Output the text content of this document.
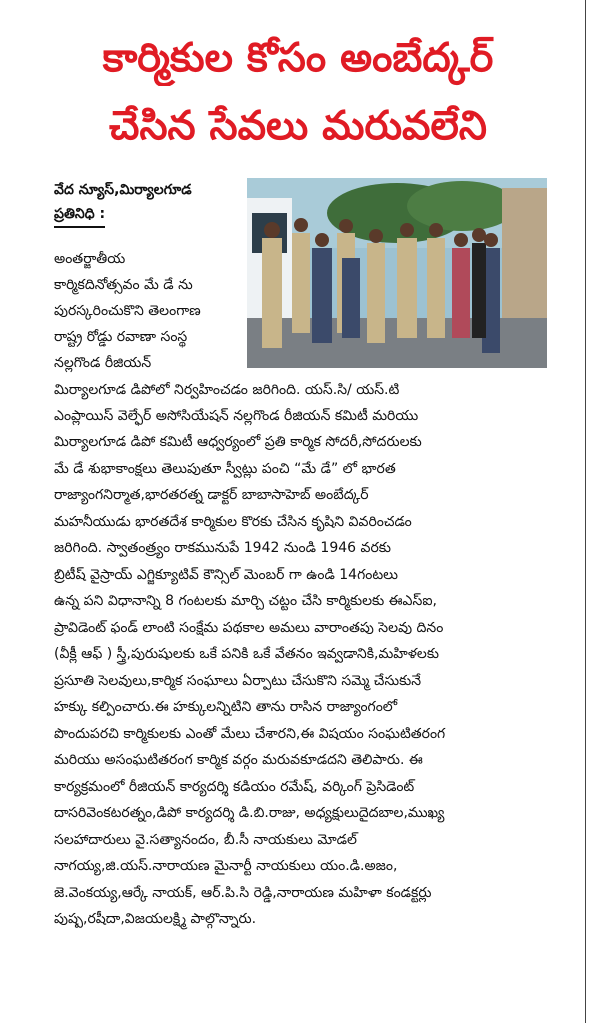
కార్మికుల కోసం అంబేద్కర్
చేసిన సేవలు మరువలేని
వేద న్యూస్,మిర్యాలగూడ
ప్రతినిధి :
అంతర్జాతీయ
కార్మికదినోత్సవం మే డే ను
పురస్కరించుకొని తెలంగాణ
రాష్ట్ర రోడ్డు రవాణా సంస్థ
నల్లగొండ రీజియన్
మిర్యాలగూడ డిపోలో నిర్వహించడం జరిగింది. యస్.సి/ యస్.టి
ఎంప్లాయిస్ వెల్ఫేర్ అసోసియేషన్ నల్లగొండ రీజియన్ కమిటీ మరియు
మిర్యాలగూడ డిపో కమిటీ ఆధ్వర్యంలో ప్రతి కార్మిక సోదరీ,సోదరులకు
మే డే శుభాకాంక్షలు తెలుపుతూ స్వీట్లు పంచి “మే డే” లో భారత
రాజ్యాంగనిర్మాత,భారతరత్న డాక్టర్ బాబాసాహెబ్ అంబేద్కర్
మహనీయుడు భారతదేశ కార్మికుల కొరకు చేసిన కృషిని వివరించడం
జరిగింది. స్వాతంత్ర్యం రాకమునుపే 1942 నుండి 1946 వరకు
బ్రిటీష్ వైస్రాయ్ ఎగ్జిక్యూటివ్ కౌన్సిల్ మెంబర్ గా ఉండి 14గంటలు
ఉన్న పని విధానాన్ని 8 గంటలకు మార్చి చట్టం చేసి కార్మికులకు ఈఎస్ఐ,
ప్రావిడెంట్ ఫండ్ లాంటి సంక్షేమ పథకాల అమలు వారాంతపు సెలవు దినం
(వీక్లీ ఆఫ్ ) స్త్రీ,పురుషులకు ఒకే పనికి ఒకే వేతనం ఇవ్వడానికి,మహిళలకు
ప్రసూతి సెలవులు,కార్మిక సంఘాలు ఏర్పాటు చేసుకొని సమ్మె చేసుకునే
హక్కు కల్పించారు.ఈ హక్కులన్నిటిని తాను రాసిన రాజ్యాంగంలో
పొందుపరచి కార్మికులకు ఎంతో మేలు చేశారని,ఈ విషయం సంఘటితరంగ
మరియు అసంఘటితరంగ కార్మిక వర్గం మరువకూడదని తెలిపారు. ఈ
కార్యక్రమంలో రీజియన్ కార్యదర్శి కడియం రమేష్, వర్కింగ్ ప్రెసిడెంట్
దాసరివెంకటరత్నం,డిపో కార్యదర్శి డి.బి.రాజు, అధ్యక్షులుదైదబాల,ముఖ్య
సలహాదారులు వై.సత్యానందం, బీ.సీ నాయకులు మోడల్
నాగయ్య,జి.యస్.నారాయణ మైనార్టీ నాయకులు యం.డి.అజం,
జె.వెంకయ్య,ఆర్కే నాయక్, ఆర్.పి.సి రెడ్డి,నారాయణ మహిళా కండక్టర్లు
పుష్ప,రషీదా,విజయలక్ష్మి పాల్గొన్నారు.
